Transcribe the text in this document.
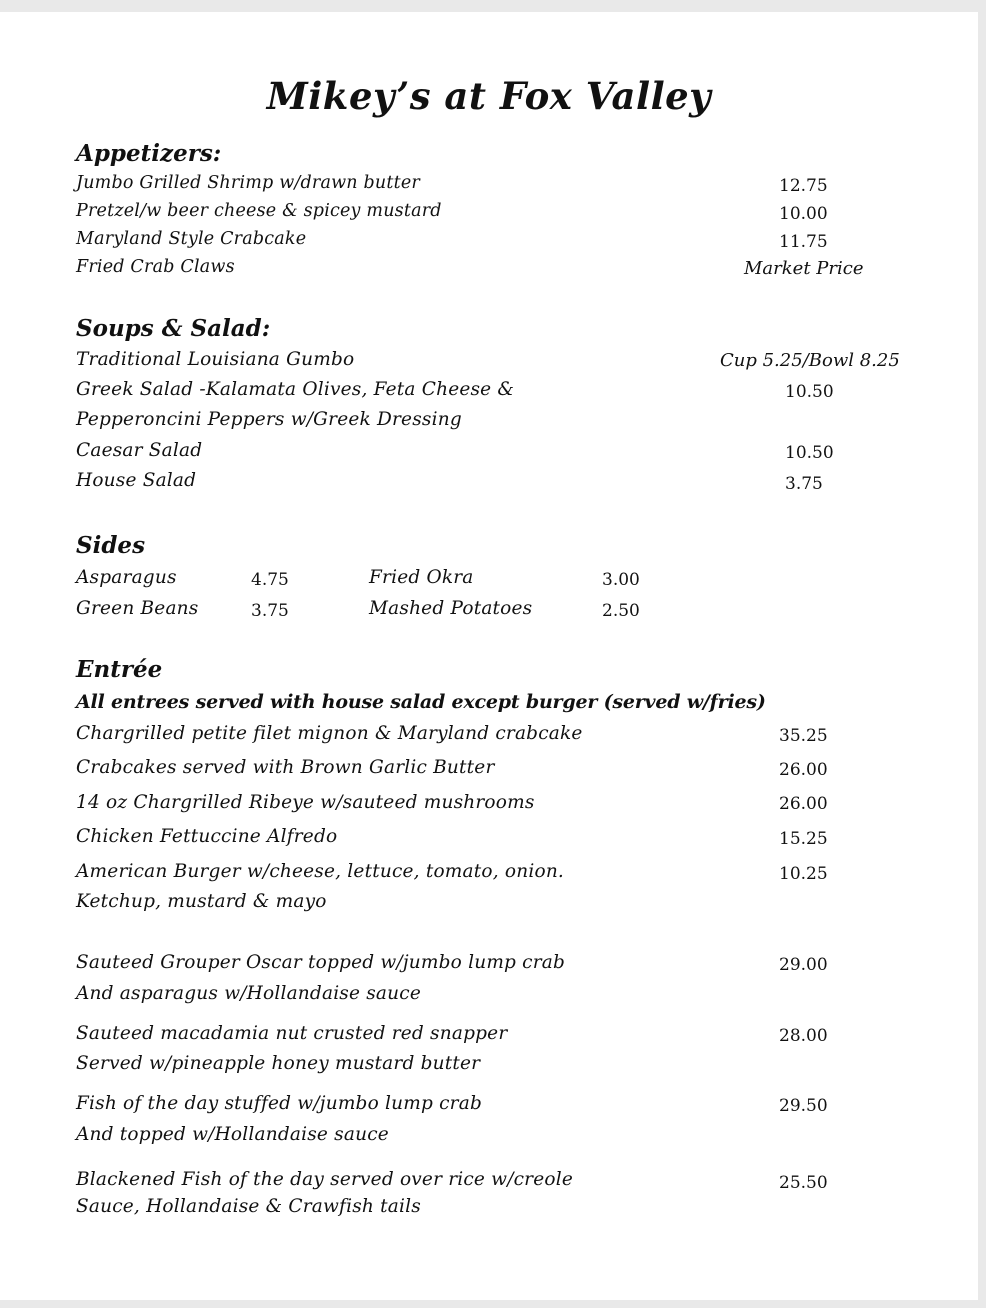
Mikey’s at Fox Valley
Appetizers:
Jumbo Grilled Shrimp w/drawn butter	12.75
Pretzel/w beer cheese & spicey mustard	10.00
Maryland Style Crabcake	11.75
Fried Crab Claws	Market Price
Soups & Salad:
Traditional Louisiana Gumbo	Cup 5.25/Bowl 8.25
Greek Salad -Kalamata Olives, Feta Cheese &	10.50
Pepperoncini Peppers w/Greek Dressing
Caesar Salad	10.50
House Salad	3.75
Sides
Asparagus	4.75	Fried Okra	3.00
Green Beans	3.75	Mashed Potatoes	2.50
Entrée
All entrees served with house salad except burger (served w/fries)
Chargrilled petite filet mignon & Maryland crabcake	35.25
Crabcakes served with Brown Garlic Butter	26.00
14 oz Chargrilled Ribeye w/sauteed mushrooms	26.00
Chicken Fettuccine Alfredo	15.25
American Burger w/cheese, lettuce, tomato, onion.	10.25
Ketchup, mustard & mayo
Sauteed Grouper Oscar topped w/jumbo lump crab	29.00
And asparagus w/Hollandaise sauce
Sauteed macadamia nut crusted red snapper	28.00
Served w/pineapple honey mustard butter
Fish of the day stuffed w/jumbo lump crab	29.50
And topped w/Hollandaise sauce
Blackened Fish of the day served over rice w/creole	25.50
Sauce, Hollandaise & Crawfish tails
